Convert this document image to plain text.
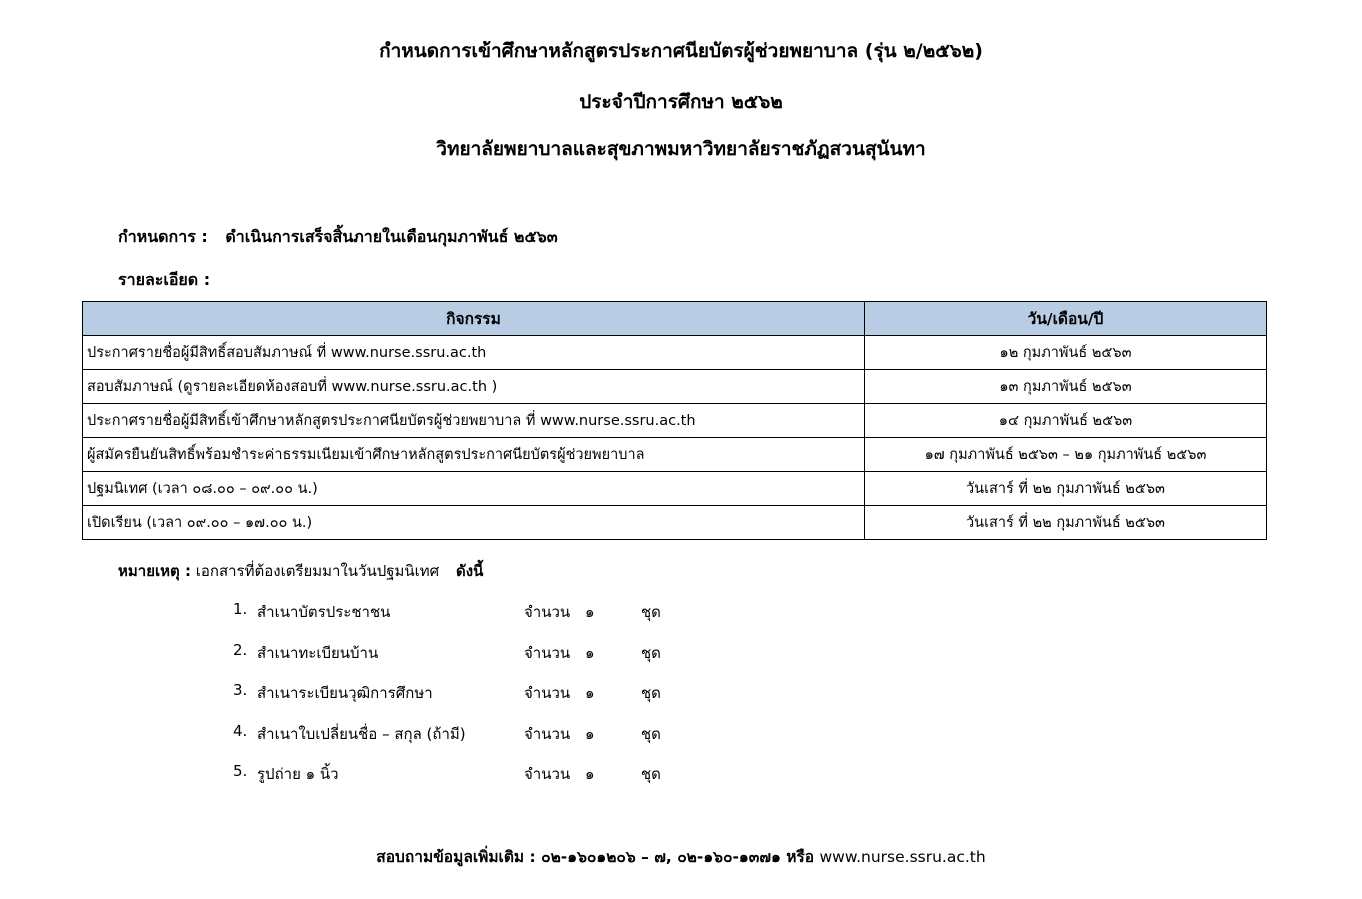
กำหนดการเข้าศึกษาหลักสูตรประกาศนียบัตรผู้ช่วยพยาบาล (รุ่น ๒/๒๕๖๒)
ประจำปีการศึกษา ๒๕๖๒
วิทยาลัยพยาบาลและสุขภาพมหาวิทยาลัยราชภัฏสวนสุนันทา
กำหนดการ : ดำเนินการเสร็จสิ้นภายในเดือนกุมภาพันธ์ ๒๕๖๓
รายละเอียด :
กิจกรรม	วัน/เดือน/ปี
ประกาศรายชื่อผู้มีสิทธิ์สอบสัมภาษณ์ ที่ www.nurse.ssru.ac.th	๑๒ กุมภาพันธ์ ๒๕๖๓
สอบสัมภาษณ์ (ดูรายละเอียดห้องสอบที่ www.nurse.ssru.ac.th )	๑๓ กุมภาพันธ์ ๒๕๖๓
ประกาศรายชื่อผู้มีสิทธิ์เข้าศึกษาหลักสูตรประกาศนียบัตรผู้ช่วยพยาบาล ที่ www.nurse.ssru.ac.th	๑๔ กุมภาพันธ์ ๒๕๖๓
ผู้สมัครยืนยันสิทธิ์พร้อมชำระค่าธรรมเนียมเข้าศึกษาหลักสูตรประกาศนียบัตรผู้ช่วยพยาบาล	๑๗ กุมภาพันธ์ ๒๕๖๓ – ๒๑ กุมภาพันธ์ ๒๕๖๓
ปฐมนิเทศ (เวลา ๐๘.๐๐ – ๐๙.๐๐ น.)	วันเสาร์ ที่ ๒๒ กุมภาพันธ์ ๒๕๖๓
เปิดเรียน (เวลา ๐๙.๐๐ – ๑๗.๐๐ น.)	วันเสาร์ ที่ ๒๒ กุมภาพันธ์ ๒๕๖๓
หมายเหตุ : เอกสารที่ต้องเตรียมมาในวันปฐมนิเทศ ดังนี้
1. สำเนาบัตรประชาชน	จำนวน ๑	ชุด
2. สำเนาทะเบียนบ้าน	จำนวน ๑	ชุด
3. สำเนาระเบียนวุฒิการศึกษา	จำนวน ๑	ชุด
4. สำเนาใบเปลี่ยนชื่อ – สกุล (ถ้ามี)	จำนวน ๑	ชุด
5. รูปถ่าย ๑ นิ้ว	จำนวน ๑	ชุด
สอบถามข้อมูลเพิ่มเติม : ๐๒-๑๖๐๑๒๐๖ – ๗, ๐๒-๑๖๐-๑๓๗๑ หรือ www.nurse.ssru.ac.th
